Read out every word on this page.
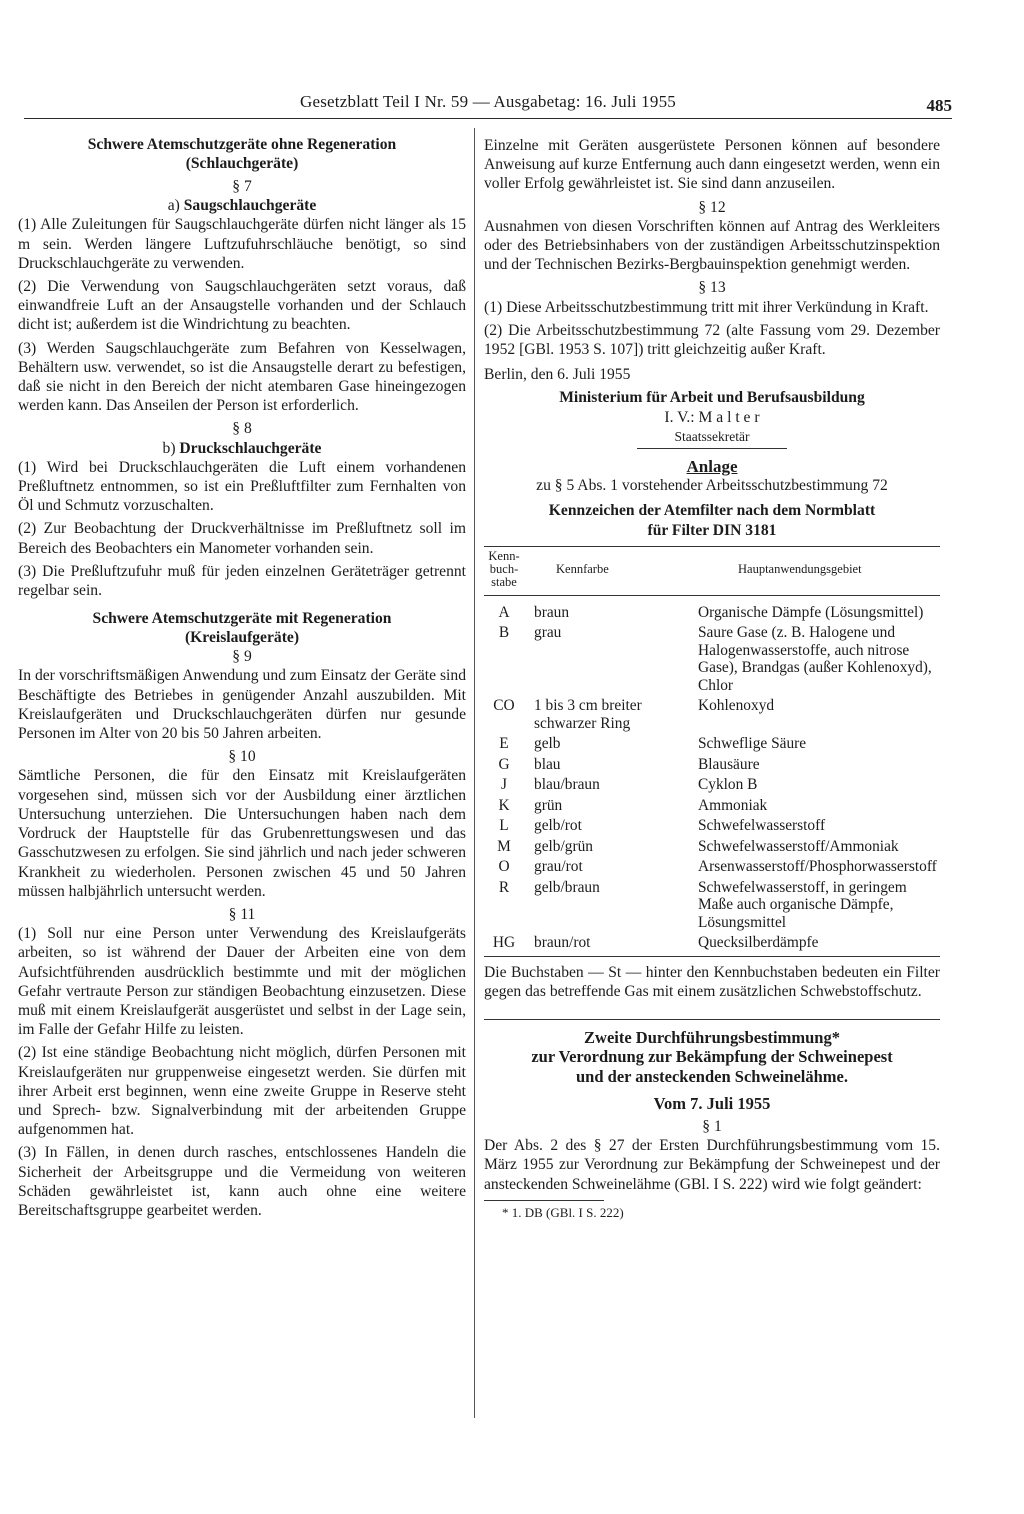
Gesetzblatt Teil I Nr. 59 — Ausgabetag: 16. Juli 1955	485
Schwere Atemschutzgeräte ohne Regeneration
(Schlauchgeräte)
§ 7
a) Saugschlauchgeräte

(1) Alle Zuleitungen für Saugschlauchgeräte dürfen nicht länger als 15 m sein. Werden längere Luftzufuhrschläuche benötigt, so sind Druckschlauchgeräte zu verwenden.

(2) Die Verwendung von Saugschlauchgeräten setzt voraus, daß einwandfreie Luft an der Ansaugstelle vorhanden und der Schlauch dicht ist; außerdem ist die Windrichtung zu beachten.

(3) Werden Saugschlauchgeräte zum Befahren von Kesselwagen, Behältern usw. verwendet, so ist die Ansaugstelle derart zu befestigen, daß sie nicht in den Bereich der nicht atembaren Gase hineingezogen werden kann. Das Anseilen der Person ist erforderlich.

§ 8
b) Druckschlauchgeräte

(1) Wird bei Druckschlauchgeräten die Luft einem vorhandenen Preßluftnetz entnommen, so ist ein Preßluftfilter zum Fernhalten von Öl und Schmutz vorzuschalten.

(2) Zur Beobachtung der Druckverhältnisse im Preßluftnetz soll im Bereich des Beobachters ein Manometer vorhanden sein.

(3) Die Preßluftzufuhr muß für jeden einzelnen Geräteträger getrennt regelbar sein.

Schwere Atemschutzgeräte mit Regeneration
(Kreislaufgeräte)
§ 9

In der vorschriftsmäßigen Anwendung und zum Einsatz der Geräte sind Beschäftigte des Betriebes in genügender Anzahl auszubilden. Mit Kreislaufgeräten und Druckschlauchgeräten dürfen nur gesunde Personen im Alter von 20 bis 50 Jahren arbeiten.

§ 10

Sämtliche Personen, die für den Einsatz mit Kreislaufgeräten vorgesehen sind, müssen sich vor der Ausbildung einer ärztlichen Untersuchung unterziehen. Die Untersuchungen haben nach dem Vordruck der Hauptstelle für das Grubenrettungswesen und das Gasschutzwesen zu erfolgen. Sie sind jährlich und nach jeder schweren Krankheit zu wiederholen. Personen zwischen 45 und 50 Jahren müssen halbjährlich untersucht werden.

§ 11

(1) Soll nur eine Person unter Verwendung des Kreislaufgeräts arbeiten, so ist während der Dauer der Arbeiten eine von dem Aufsichtführenden ausdrücklich bestimmte und mit der möglichen Gefahr vertraute Person zur ständigen Beobachtung einzusetzen. Diese muß mit einem Kreislaufgerät ausgerüstet und selbst in der Lage sein, im Falle der Gefahr Hilfe zu leisten.

(2) Ist eine ständige Beobachtung nicht möglich, dürfen Personen mit Kreislaufgeräten nur gruppenweise eingesetzt werden. Sie dürfen mit ihrer Arbeit erst beginnen, wenn eine zweite Gruppe in Reserve steht und Sprech- bzw. Signalverbindung mit der arbeitenden Gruppe aufgenommen hat.

(3) In Fällen, in denen durch rasches, entschlossenes Handeln die Sicherheit der Arbeitsgruppe und die Vermeidung von weiteren Schäden gewährleistet ist, kann auch ohne eine weitere Bereitschaftsgruppe gearbeitet werden.

Einzelne mit Geräten ausgerüstete Personen können auf besondere Anweisung auf kurze Entfernung auch dann eingesetzt werden, wenn ein voller Erfolg gewährleistet ist. Sie sind dann anzuseilen.

§ 12

Ausnahmen von diesen Vorschriften können auf Antrag des Werkleiters oder des Betriebsinhabers von der zuständigen Arbeitsschutzinspektion und der Technischen Bezirks-Bergbauinspektion genehmigt werden.

§ 13

(1) Diese Arbeitsschutzbestimmung tritt mit ihrer Verkündung in Kraft.

(2) Die Arbeitsschutzbestimmung 72 (alte Fassung vom 29. Dezember 1952 [GBl. 1953 S. 107]) tritt gleichzeitig außer Kraft.

Berlin, den 6. Juli 1955

Ministerium für Arbeit und Berufsausbildung
I. V.: M a l t e r
Staatssekretär
Anlage
zu § 5 Abs. 1 vorstehender Arbeitsschutzbestimmung 72
Kennzeichen der Atemfilter nach dem Normblatt
für Filter DIN 3181
Kenn-
buch-
stabe	Kennfarbe	Hauptanwendungsgebiet
A	braun	Organische Dämpfe (Lösungsmittel)
B	grau	Saure Gase (z. B. Halogene und Halogenwasserstoffe, auch nitrose Gase), Brandgas (außer Kohlenoxyd), Chlor
CO	1 bis 3 cm breiter schwarzer Ring	Kohlenoxyd
E	gelb	Schweflige Säure
G	blau	Blausäure
J	blau/braun	Cyklon B
K	grün	Ammoniak
L	gelb/rot	Schwefelwasserstoff
M	gelb/grün	Schwefelwasserstoff/Ammoniak
O	grau/rot	Arsenwasserstoff/Phosphorwasserstoff
R	gelb/braun	Schwefelwasserstoff, in geringem Maße auch organische Dämpfe, Lösungsmittel
HG	braun/rot	Quecksilberdämpfe

Die Buchstaben — St — hinter den Kennbuchstaben bedeuten ein Filter gegen das betreffende Gas mit einem zusätzlichen Schwebstoffschutz.

Zweite Durchführungsbestimmung*
zur Verordnung zur Bekämpfung der Schweinepest
und der ansteckenden Schweinelähme.
Vom 7. Juli 1955
§ 1

Der Abs. 2 des § 27 der Ersten Durchführungsbestimmung vom 15. März 1955 zur Verordnung zur Bekämpfung der Schweinepest und der ansteckenden Schweinelähme (GBl. I S. 222) wird wie folgt geändert:

* 1. DB (GBl. I S. 222)
